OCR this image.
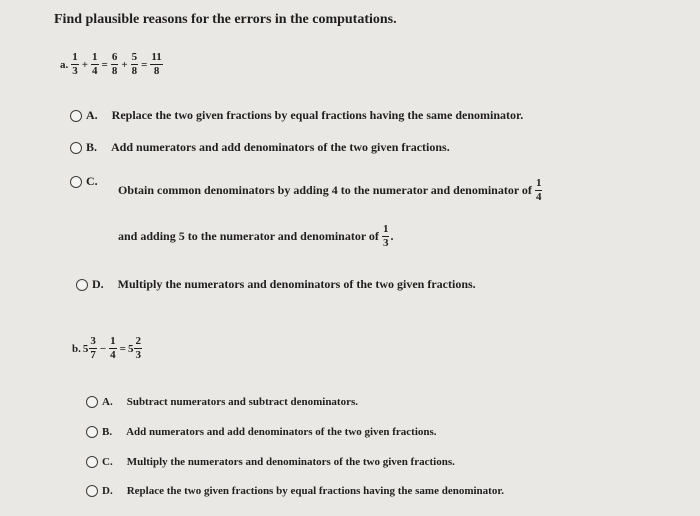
Find plausible reasons for the errors in the computations.
a. $\frac{1}{3} + \frac{1}{4} = \frac{6}{8} + \frac{5}{8} = \frac{11}{8}$
A. Replace the two given fractions by equal fractions having the same denominator.
B. Add numerators and add denominators of the two given fractions.
C.
Obtain common denominators by adding 4 to the numerator and denominator of $\frac{1}{4}$
and adding 5 to the numerator and denominator of $\frac{1}{3}$ .
D. Multiply the numerators and denominators of the two given fractions.
b. $5 \frac{3}{7} - \frac{1}{4} = 5 \frac{2}{3}$
A. Subtract numerators and subtract denominators.
B. Add numerators and add denominators of the two given fractions.
C. Multiply the numerators and denominators of the two given fractions.
D. Replace the two given fractions by equal fractions having the same denominator.
